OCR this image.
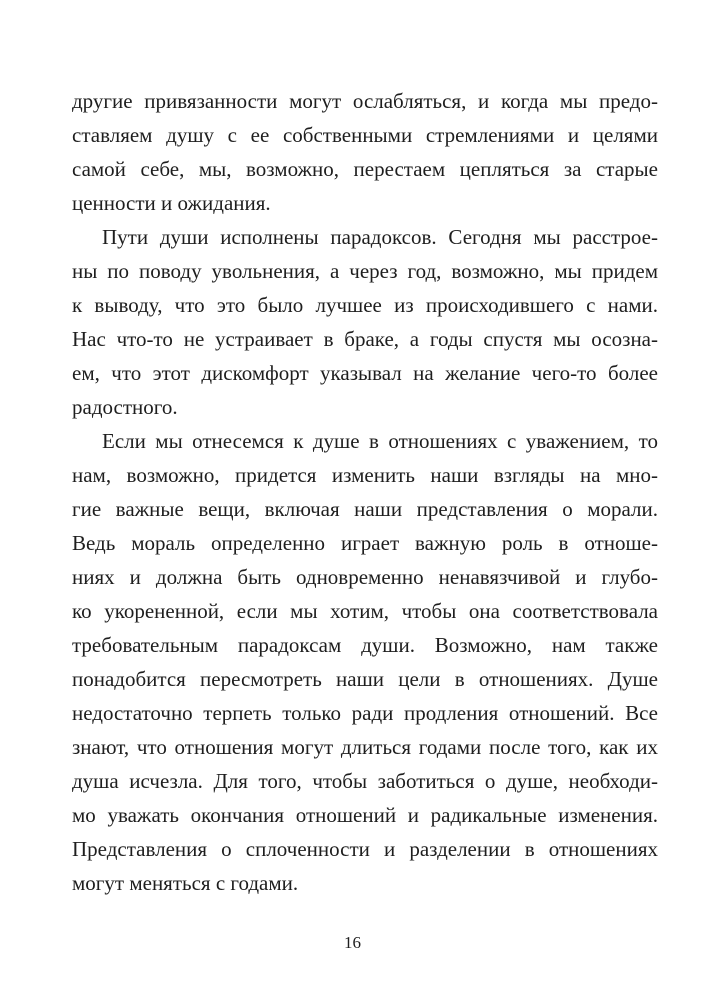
другие привязанности могут ослабляться, и когда мы предо-
ставляем душу с ее собственными стремлениями и целями
самой себе, мы, возможно, перестаем цепляться за старые
ценности и ожидания.
Пути души исполнены парадоксов. Сегодня мы расстрое-
ны по поводу увольнения, а через год, возможно, мы придем
к выводу, что это было лучшее из происходившего с нами.
Нас что-то не устраивает в браке, а годы спустя мы осозна-
ем, что этот дискомфорт указывал на желание чего-то более
радостного.
Если мы отнесемся к душе в отношениях с уважением, то
нам, возможно, придется изменить наши взгляды на мно-
гие важные вещи, включая наши представления о морали.
Ведь мораль определенно играет важную роль в отноше-
ниях и должна быть одновременно ненавязчивой и глубо-
ко укорененной, если мы хотим, чтобы она соответствовала
требовательным парадоксам души. Возможно, нам также
понадобится пересмотреть наши цели в отношениях. Душе
недостаточно терпеть только ради продления отношений. Все
знают, что отношения могут длиться годами после того, как их
душа исчезла. Для того, чтобы заботиться о душе, необходи-
мо уважать окончания отношений и радикальные изменения.
Представления о сплоченности и разделении в отношениях
могут меняться с годами.
16
